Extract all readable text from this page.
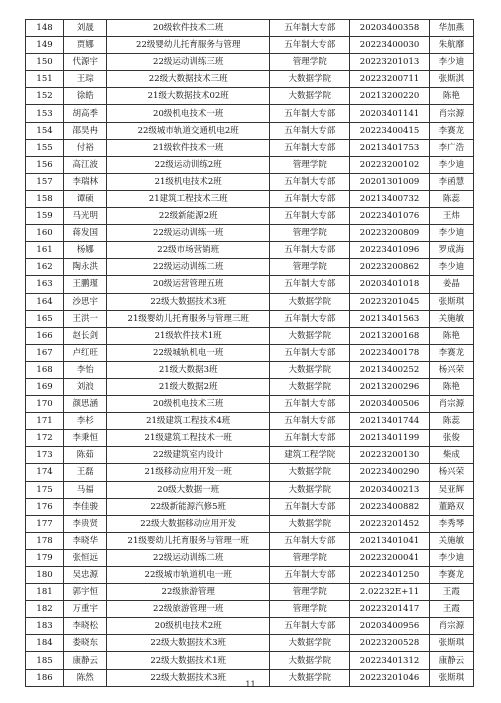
148	刘晟	20级软件技术二班	五年制大专部	20203400358	华加燕
149	贾娜	22级婴幼儿托育服务与管理	五年制大专部	20223400030	朱航靡
150	代源宇	22级运动训练三班	管理学院	20223201013	李少迪
151	王琮	22级大数据技术三班	大数据学院	20223200711	张斯淇
152	徐皓	21级大数据技术02班	大数据学院	20213200220	陈艳
153	胡高季	20级机电技术一班	五年制大专部	20203401141	肖宗源
154	邵昊冉	22级城市轨道交通机电2班	五年制大专部	20223400415	李赛龙
155	付裕	21级软件技术一班	五年制大专部	20213401753	李广浩
156	高江波	22级运动训练2班	管理学院	20223200102	李少迪
157	李瑞林	21级机电技术2班	五年制大专部	20201301009	李函慧
158	谭硕	21建筑工程技术三班	五年制大专部	20213400732	陈蕊
159	马光明	22级新能源2班	五年制大专部	20223401076	王炜
160	蒋发国	22级运动训练一班	管理学院	20223200809	李少迪
161	杨娜	22级市场营销班	五年制大专部	20223401096	罗成海
162	陶永洪	22级运动训练二班	管理学院	20223200862	李少迪
163	王鹏瑾	20级运营管理五班	五年制大专部	20203401018	姜晶
164	沙思宇	22级大数据技术3班	大数据学院	20223201045	张斯琪
165	王洪一	21级婴幼儿托育服务与管理三班	五年制大专部	20213401563	关施敏
166	赵长剑	21级软件技术1班	大数据学院	20213200168	陈艳
167	卢红旺	22级城轨机电一班	五年制大专部	20223400178	李赛龙
168	李怡	21级大数据3班	大数据学院	20213400252	杨兴荣
169	刘浪	21级大数据2班	大数据学院	20213200296	陈艳
170	颜思涵	20级机电技术三班	五年制大专部	20203400506	肖宗源
171	李杉	21级建筑工程技术4班	五年制大专部	20213401744	陈蕊
172	李秉恒	21级建筑工程技术一班	五年制大专部	20213401199	张俊
173	陈茹	22级建筑室内设计	建筑工程学院	20223200130	柴成
174	王磊	21级移动应用开发一班	大数据学院	20223400290	杨兴荣
175	马福	20级大数据一班	大数据学院	20203400213	吴亚辉
176	李佳骏	22级新能源汽修5班	五年制大专部	20223400882	董路双
177	李贵贤	22级大数据移动应用开发	大数据学院	20223201452	李秀琴
178	李晓华	21级婴幼儿托育服务与管理一班	五年制大专部	20213401041	关施敏
179	张恒远	22级运动训练二班	管理学院	20223200041	李少迪
180	吴忠源	22级城市轨道机电一班	五年制大专部	20223401250	李赛龙
181	郭宇恒	22级旅游管理	管理学院	2.02232E+11	王霞
182	万重宇	22级旅游管理一班	管理学院	20223201417	王霞
183	李晓松	20级机电技术2班	五年制大专部	20203400956	肖宗源
184	娄晓东	22级大数据技术3班	大数据学院	20223200528	张斯琪
185	康静云	22级大数据技术1班	大数据学院	20223401312	康静云
186	陈然	22级大数据技术3班	大数据学院	20223201046	张斯琪
11
